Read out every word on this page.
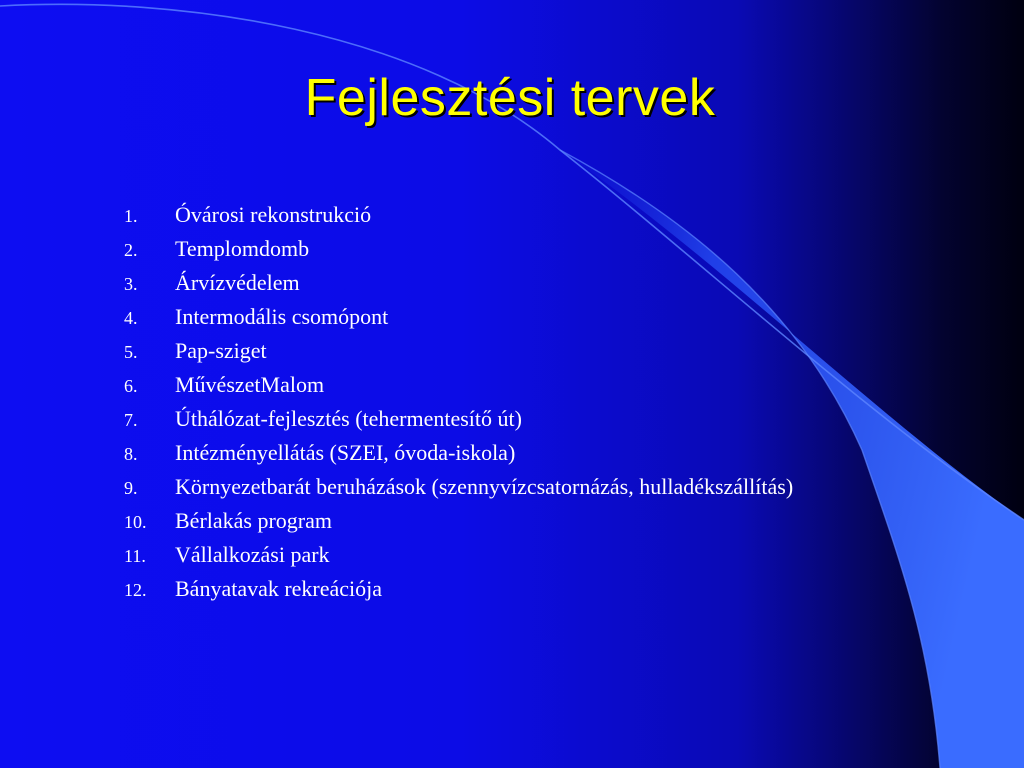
Fejlesztési tervek
1.	Óvárosi rekonstrukció
2.	Templomdomb
3.	Árvízvédelem
4.	Intermodális csomópont
5.	Pap-sziget
6.	MűvészetMalom
7.	Úthálózat-fejlesztés (tehermentesítő út)
8.	Intézményellátás (SZEI, óvoda-iskola)
9.	Környezetbarát beruházások (szennyvízcsatornázás, hulladékszállítás)
10.	Bérlakás program
11.	Vállalkozási park
12.	Bányatavak rekreációja
